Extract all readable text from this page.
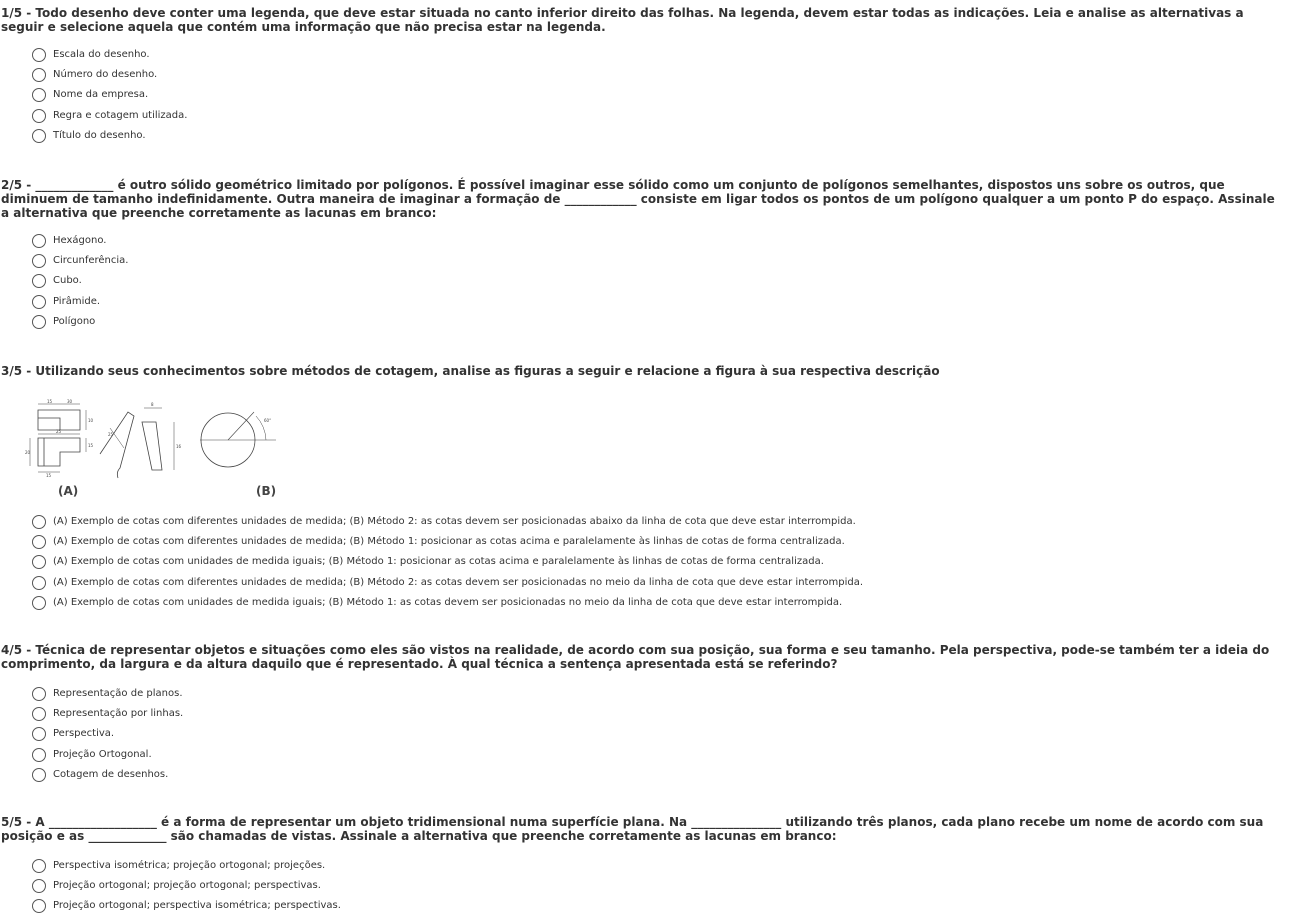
1/5 - Todo desenho deve conter uma legenda, que deve estar situada no canto inferior direito das folhas. Na legenda, devem estar todas as indicações. Leia e analise as alternativas a seguir e selecione aquela que contém uma informação que não precisa estar na legenda.

Escala do desenho.
Número do desenho.
Nome da empresa.
Regra e cotagem utilizada.
Título do desenho.

2/5 - _____________ é outro sólido geométrico limitado por polígonos. É possível imaginar esse sólido como um conjunto de polígonos semelhantes, dispostos uns sobre os outros, que diminuem de tamanho indefinidamente. Outra maneira de imaginar a formação de ____________ consiste em ligar todos os pontos de um polígono qualquer a um ponto P do espaço. Assinale a alternativa que preenche corretamente as lacunas em branco:

Hexágono.
Circunferência.
Cubo.
Pirâmide.
Polígono

3/5 - Utilizando seus conhecimentos sobre métodos de cotagem, analise as figuras a seguir e relacione a figura à sua respectiva descrição

(A) Exemplo de cotas com diferentes unidades de medida; (B) Método 2: as cotas devem ser posicionadas abaixo da linha de cota que deve estar interrompida.
(A) Exemplo de cotas com diferentes unidades de medida; (B) Método 1: posicionar as cotas acima e paralelamente às linhas de cotas de forma centralizada.
(A) Exemplo de cotas com unidades de medida iguais; (B) Método 1: posicionar as cotas acima e paralelamente às linhas de cotas de forma centralizada.
(A) Exemplo de cotas com diferentes unidades de medida; (B) Método 2: as cotas devem ser posicionadas no meio da linha de cota que deve estar interrompida.
(A) Exemplo de cotas com unidades de medida iguais; (B) Método 1: as cotas devem ser posicionadas no meio da linha de cota que deve estar interrompida.
15	30
10
15
25
20
15
8
25
16
60°
(A)	(B)

4/5 - Técnica de representar objetos e situações como eles são vistos na realidade, de acordo com sua posição, sua forma e seu tamanho. Pela perspectiva, pode-se também ter a ideia do comprimento, da largura e da altura daquilo que é representado. À qual técnica a sentença apresentada está se referindo?

Representação de planos.
Representação por linhas.
Perspectiva.
Projeção Ortogonal.
Cotagem de desenhos.

5/5 - A __________________ é a forma de representar um objeto tridimensional numa superfície plana. Na _______________ utilizando três planos, cada plano recebe um nome de acordo com sua posição e as _____________ são chamadas de vistas. Assinale a alternativa que preenche corretamente as lacunas em branco:

Perspectiva isométrica; projeção ortogonal; projeções.
Projeção ortogonal; projeção ortogonal; perspectivas.
Projeção ortogonal; perspectiva isométrica; perspectivas.
